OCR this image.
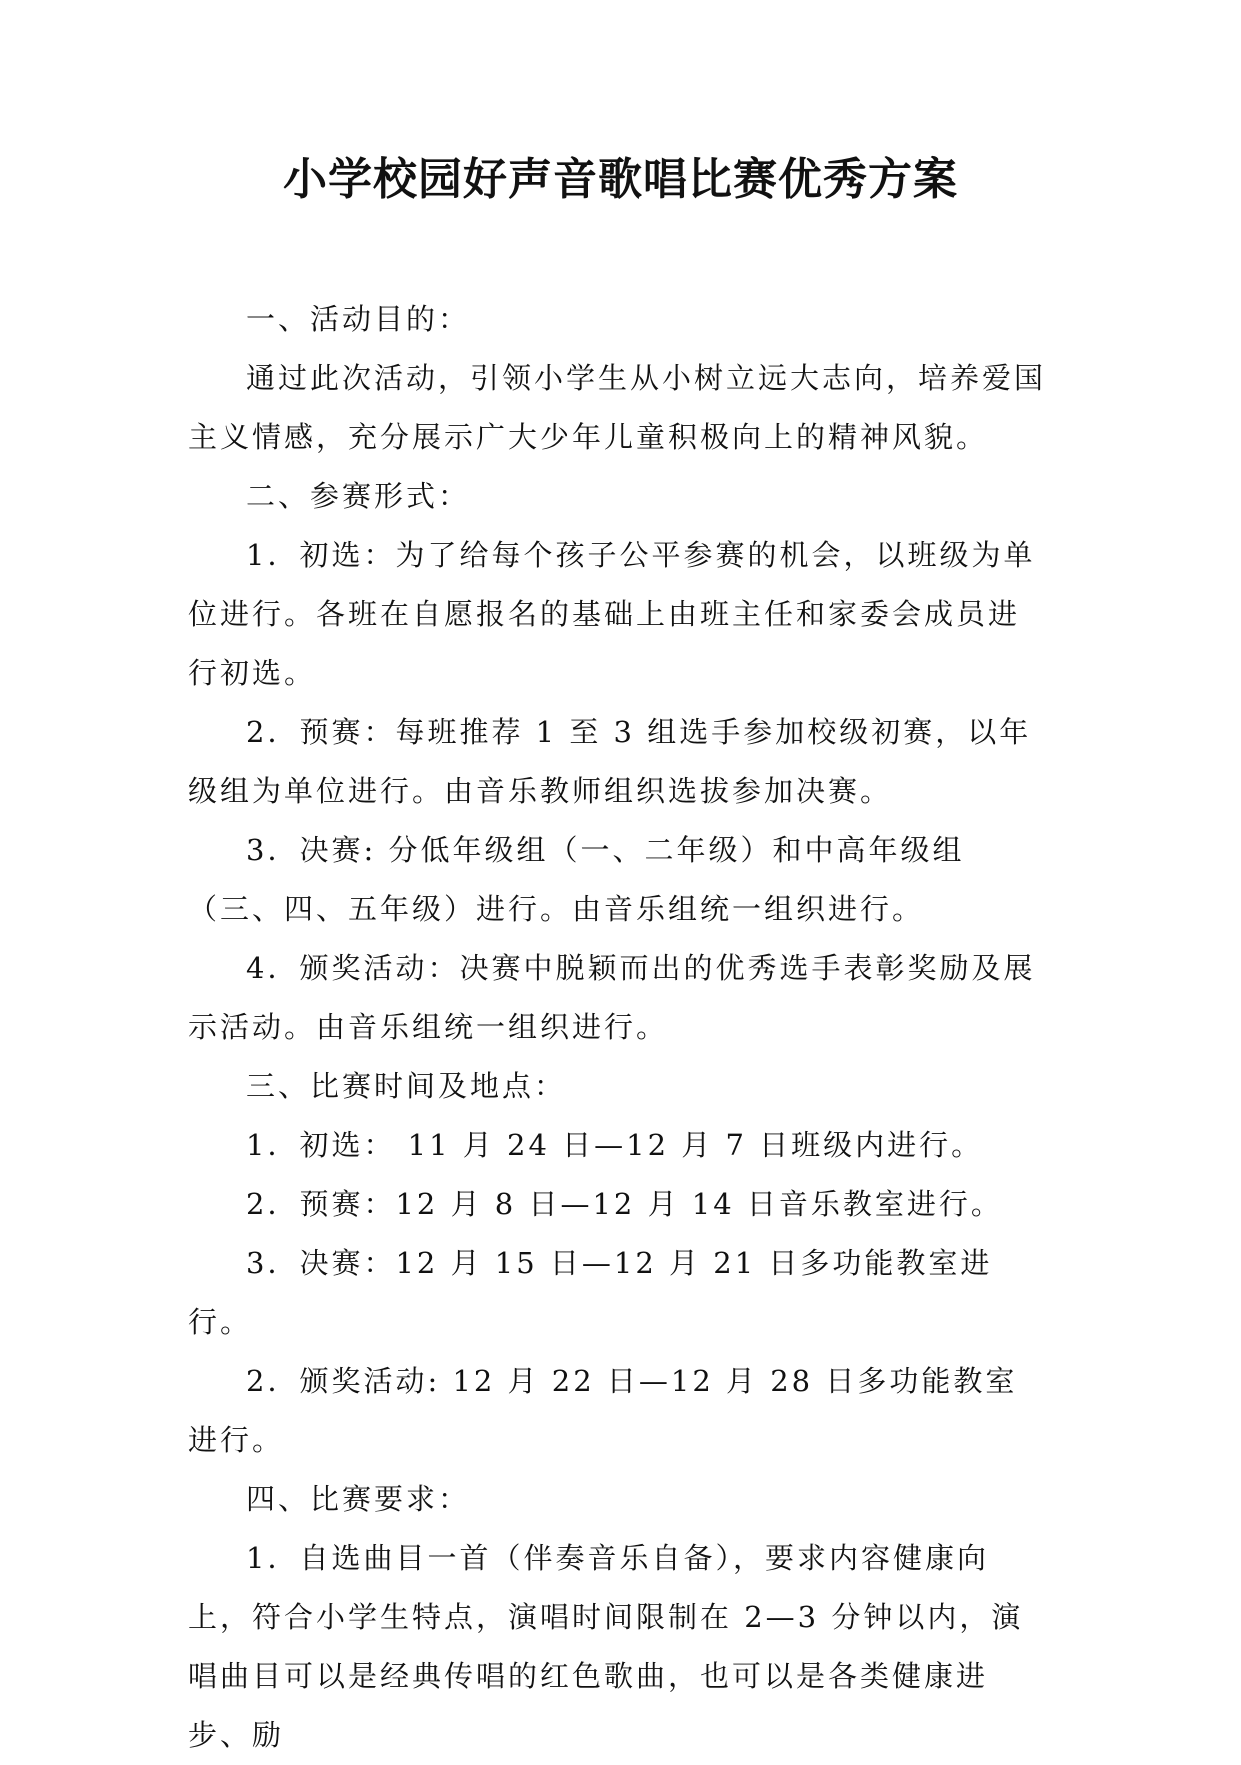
小学校园好声音歌唱比赛优秀方案

一、活动目的：

通过此次活动，引领小学生从小树立远大志向，培养爱国主义情感，充分展示广大少年儿童积极向上的精神风貌。

二、参赛形式：

1．初选：为了给每个孩子公平参赛的机会，以班级为单位进行。各班在自愿报名的基础上由班主任和家委会成员进行初选。

2．预赛：每班推荐 1 至 3 组选手参加校级初赛，以年级组为单位进行。由音乐教师组织选拔参加决赛。

3．决赛: 分低年级组（一、二年级）和中高年级组（三、四、五年级）进行。由音乐组统一组织进行。

4．颁奖活动：决赛中脱颖而出的优秀选手表彰奖励及展示活动。由音乐组统一组织进行。

三、比赛时间及地点：

1．初选： 11 月 24 日—12 月 7 日班级内进行。

2．预赛：12 月 8 日—12 月 14 日音乐教室进行。

3．决赛：12 月 15 日—12 月 21 日多功能教室进行。

2．颁奖活动: 12 月 22 日—12 月 28 日多功能教室进行。

四、比赛要求：

1．自选曲目一首（伴奏音乐自备），要求内容健康向上，符合小学生特点，演唱时间限制在 2—3 分钟以内，演唱曲目可以是经典传唱的红色歌曲，也可以是各类健康进步、励
